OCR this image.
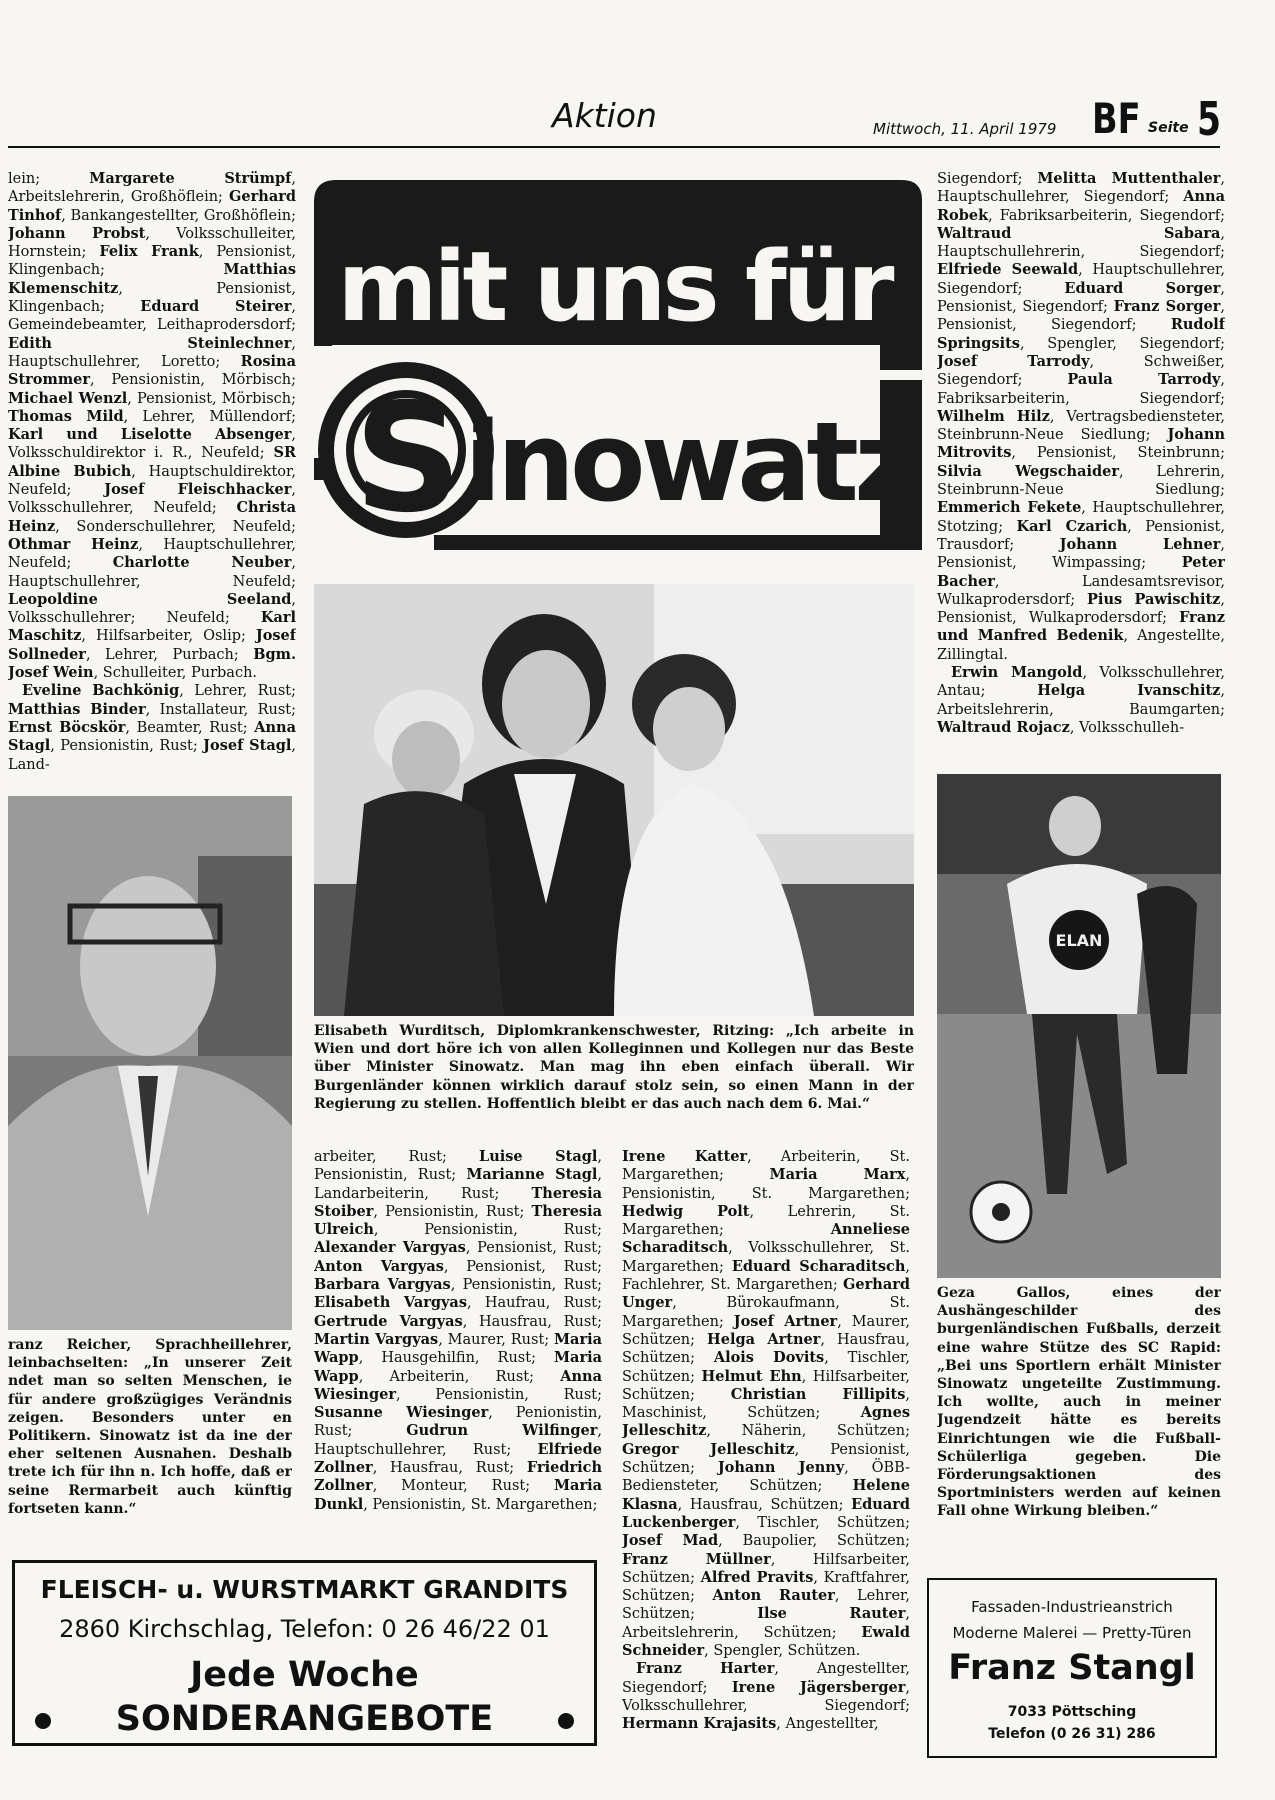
Aktion	Mittwoch, 11. April 1979 BF Seite 5
mit uns für
S inowatz

lein; Margarete Strümpf, Arbeitslehrerin, Großhöflein; Gerhard Tinhof, Bankangestellter, Großhöflein; Johann Probst, Volksschulleiter, Hornstein; Felix Frank, Pensionist, Klingenbach; Matthias Klemenschitz, Pensionist, Klingenbach; Eduard Steirer, Gemeindebeamter, Leithaprodersdorf; Edith Steinlechner, Hauptschullehrer, Loretto; Rosina Strommer, Pensionistin, Mörbisch; Michael Wenzl, Pensionist, Mörbisch; Thomas Mild, Lehrer, Müllendorf; Karl und Liselotte Absenger, Volksschuldirektor i. R., Neufeld; SR Albine Bubich, Hauptschuldirektor, Neufeld; Josef Fleischhacker, Volksschullehrer, Neufeld; Christa Heinz, Sonderschullehrer, Neufeld; Othmar Heinz, Hauptschullehrer, Neufeld; Charlotte Neuber, Hauptschullehrer, Neufeld; Leopoldine Seeland, Volksschullehrer; Neufeld; Karl Maschitz, Hilfsarbeiter, Oslip; Josef Sollneder, Lehrer, Purbach; Bgm. Josef Wein, Schulleiter, Purbach.

Eveline Bachkönig, Lehrer, Rust; Matthias Binder, Installateur, Rust; Ernst Böcskör, Beamter, Rust; Anna Stagl, Pensionistin, Rust; Josef Stagl, Land-

Siegendorf; Melitta Muttenthaler, Hauptschullehrer, Siegendorf; Anna Robek, Fabriksarbeiterin, Siegendorf; Waltraud Sabara, Hauptschullehrerin, Siegendorf; Elfriede Seewald, Hauptschullehrer, Siegendorf; Eduard Sorger, Pensionist, Siegendorf; Franz Sorger, Pensionist, Siegendorf; Rudolf Springsits, Spengler, Siegendorf; Josef Tarrody, Schweißer, Siegendorf; Paula Tarrody, Fabriksarbeiterin, Siegendorf; Wilhelm Hilz, Vertragsbediensteter, Steinbrunn-Neue Siedlung; Johann Mitrovits, Pensionist, Steinbrunn; Silvia Wegschaider, Lehrerin, Steinbrunn-Neue Siedlung; Emmerich Fekete, Hauptschullehrer, Stotzing; Karl Czarich, Pensionist, Trausdorf; Johann Lehner, Pensionist, Wimpassing; Peter Bacher, Landesamtsrevisor, Wulkaprodersdorf; Pius Pawischitz, Pensionist, Wulkaprodersdorf; Franz und Manfred Bedenik, Angestellte, Zillingtal.

Erwin Mangold, Volksschullehrer, Antau; Helga Ivanschitz, Arbeitslehrerin, Baumgarten; Waltraud Rojacz, Volksschulleh-

arbeiter, Rust; Luise Stagl, Pensionistin, Rust; Marianne Stagl, Landarbeiterin, Rust; Theresia Stoiber, Pensionistin, Rust; Theresia Ulreich, Pensionistin, Rust; Alexander Vargyas, Pensionist, Rust; Anton Vargyas, Pensionist, Rust; Barbara Vargyas, Pensionistin, Rust; Elisabeth Vargyas, Haufrau, Rust; Gertrude Vargyas, Hausfrau, Rust; Martin Vargyas, Maurer, Rust; Maria Wapp, Hausgehilfin, Rust; Maria Wapp, Arbeiterin, Rust; Anna Wiesinger, Pensionistin, Rust; Susanne Wiesinger, Penionistin, Rust; Gudrun Wilfinger, Hauptschullehrer, Rust; Elfriede Zollner, Hausfrau, Rust; Friedrich Zollner, Monteur, Rust; Maria Dunkl, Pensionistin, St. Margarethen;

Irene Katter, Arbeiterin, St. Margarethen; Maria Marx, Pensionistin, St. Margarethen; Hedwig Polt, Lehrerin, St. Margarethen; Anneliese Scharaditsch, Volksschullehrer, St. Margarethen; Eduard Scharaditsch, Fachlehrer, St. Margarethen; Gerhard Unger, Bürokaufmann, St. Margarethen; Josef Artner, Maurer, Schützen; Helga Artner, Hausfrau, Schützen; Alois Dovits, Tischler, Schützen; Helmut Ehn, Hilfsarbeiter, Schützen; Christian Fillipits, Maschinist, Schützen; Agnes Jelleschitz, Näherin, Schützen; Gregor Jelleschitz, Pensionist, Schützen; Johann Jenny, ÖBB-Bediensteter, Schützen; Helene Klasna, Hausfrau, Schützen; Eduard Luckenberger, Tischler, Schützen; Josef Mad, Baupolier, Schützen; Franz Müllner, Hilfsarbeiter, Schützen; Alfred Pravits, Kraftfahrer, Schützen; Anton Rauter, Lehrer, Schützen; Ilse Rauter, Arbeitslehrerin, Schützen; Ewald Schneider, Spengler, Schützen.

Franz Harter, Angestellter, Siegendorf; Irene Jägersberger, Volksschullehrer, Siegendorf; Hermann Krajasits, Angestellter,

ELAN
Elisabeth Wurditsch, Diplomkrankenschwester, Ritzing: „Ich arbeite in Wien und dort höre ich von allen Kolleginnen und Kollegen nur das Beste über Minister Sinowatz. Man mag ihn eben einfach überall. Wir Burgenländer können wirklich darauf stolz sein, so einen Mann in der Regierung zu stellen. Hoffentlich bleibt er das auch nach dem 6. Mai.“
ranz Reicher, Sprachheillehrer, leinbachselten: „In unserer Zeit ndet man so selten Menschen, ie für andere großzügiges Verändnis zeigen. Besonders unter en Politikern. Sinowatz ist da ine der eher seltenen Ausnahen. Deshalb trete ich für ihn n. Ich hoffe, daß er seine Rermarbeit auch künftig fortseten kann.“
Geza Gallos, eines der Aushängeschilder des burgenländischen Fußballs, derzeit eine wahre Stütze des SC Rapid: „Bei uns Sportlern erhält Minister Sinowatz ungeteilte Zustimmung. Ich wollte, auch in meiner Jugendzeit hätte es bereits Einrichtungen wie die Fußball-Schülerliga gegeben. Die Förderungsaktionen des Sportministers werden auf keinen Fall ohne Wirkung bleiben.“
FLEISCH- u. WURSTMARKT GRANDITS
2860 Kirchschlag, Telefon: 0 26 46/22 01
Jede Woche
SONDERANGEBOTE
Fassaden-Industrieanstrich
Moderne Malerei — Pretty-Türen
Franz Stangl
7033 Pöttsching
Telefon (0 26 31) 286
